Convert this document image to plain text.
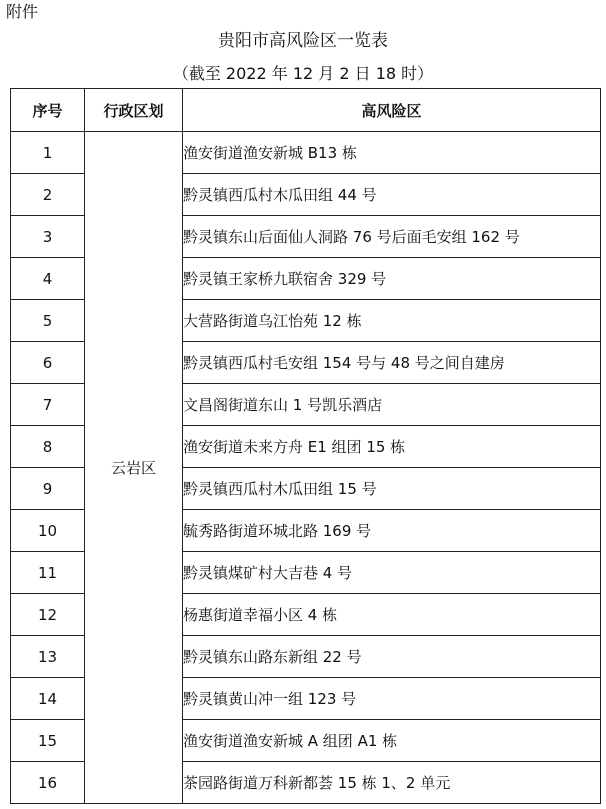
附件
贵阳市高风险区一览表
（截至 2022 年 12 月 2 日 18 时）
序号	行政区划	高风险区
1	云岩区	渔安街道渔安新城 B13 栋
2		黔灵镇西瓜村木瓜田组 44 号
3		黔灵镇东山后面仙人洞路 76 号后面毛安组 162 号
4		黔灵镇王家桥九联宿舍 329 号
5		大营路街道乌江怡苑 12 栋
6		黔灵镇西瓜村毛安组 154 号与 48 号之间自建房
7		文昌阁街道东山 1 号凯乐酒店
8		渔安街道未来方舟 E1 组团 15 栋
9		黔灵镇西瓜村木瓜田组 15 号
10		毓秀路街道环城北路 169 号
11		黔灵镇煤矿村大吉巷 4 号
12		杨惠街道幸福小区 4 栋
13		黔灵镇东山路东新组 22 号
14		黔灵镇黄山冲一组 123 号
15		渔安街道渔安新城 A 组团 A1 栋
16		茶园路街道万科新都荟 15 栋 1、2 单元
